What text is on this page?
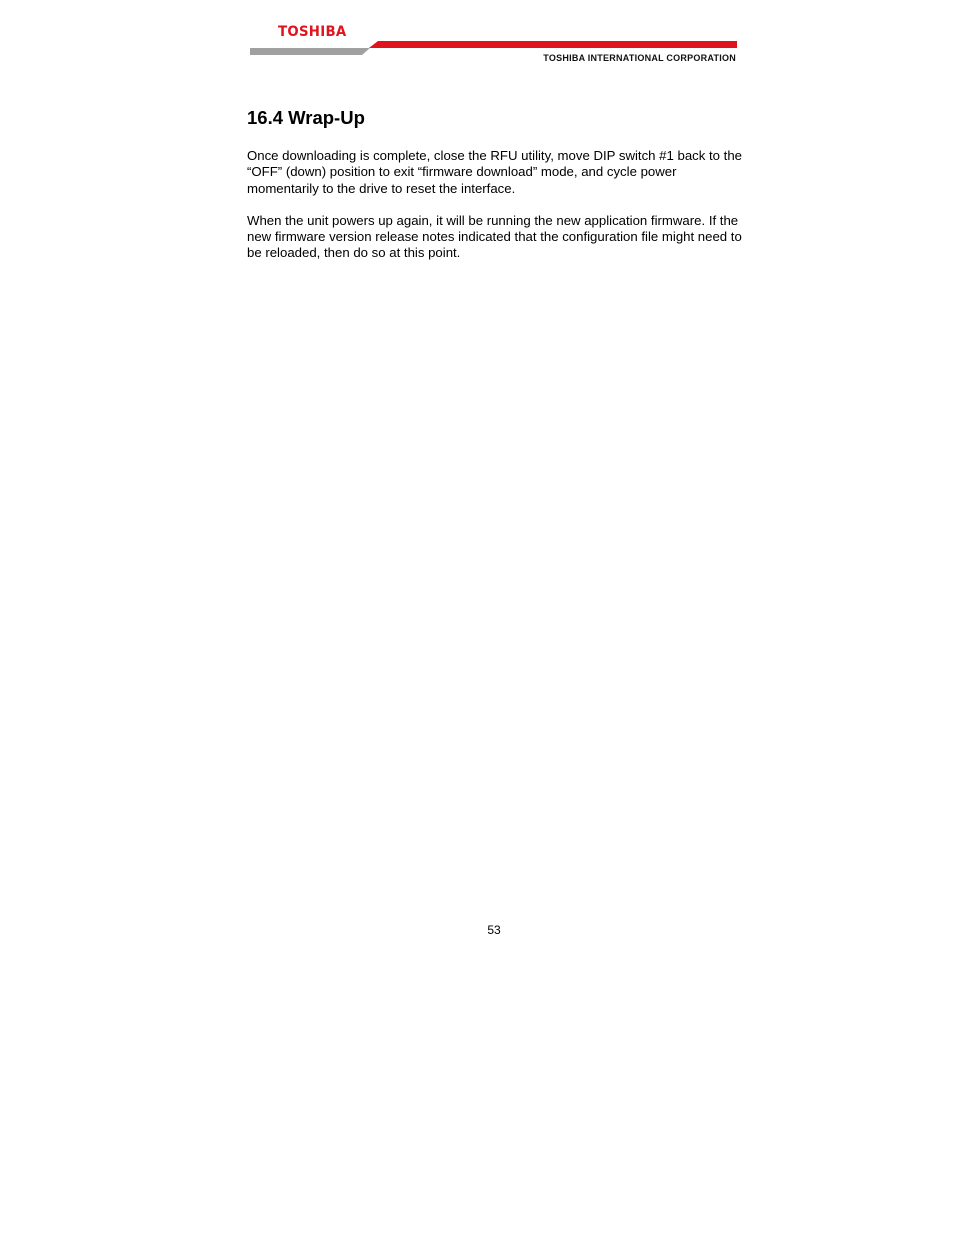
TOSHIBA
TOSHIBA INTERNATIONAL CORPORATION
16.4 Wrap-Up

Once downloading is complete, close the RFU utility, move DIP switch #1 back to the “OFF” (down) position to exit “firmware download” mode, and cycle power momentarily to the drive to reset the interface.

When the unit powers up again, it will be running the new application firmware. If the new firmware version release notes indicated that the configuration file might need to be reloaded, then do so at this point.

53
